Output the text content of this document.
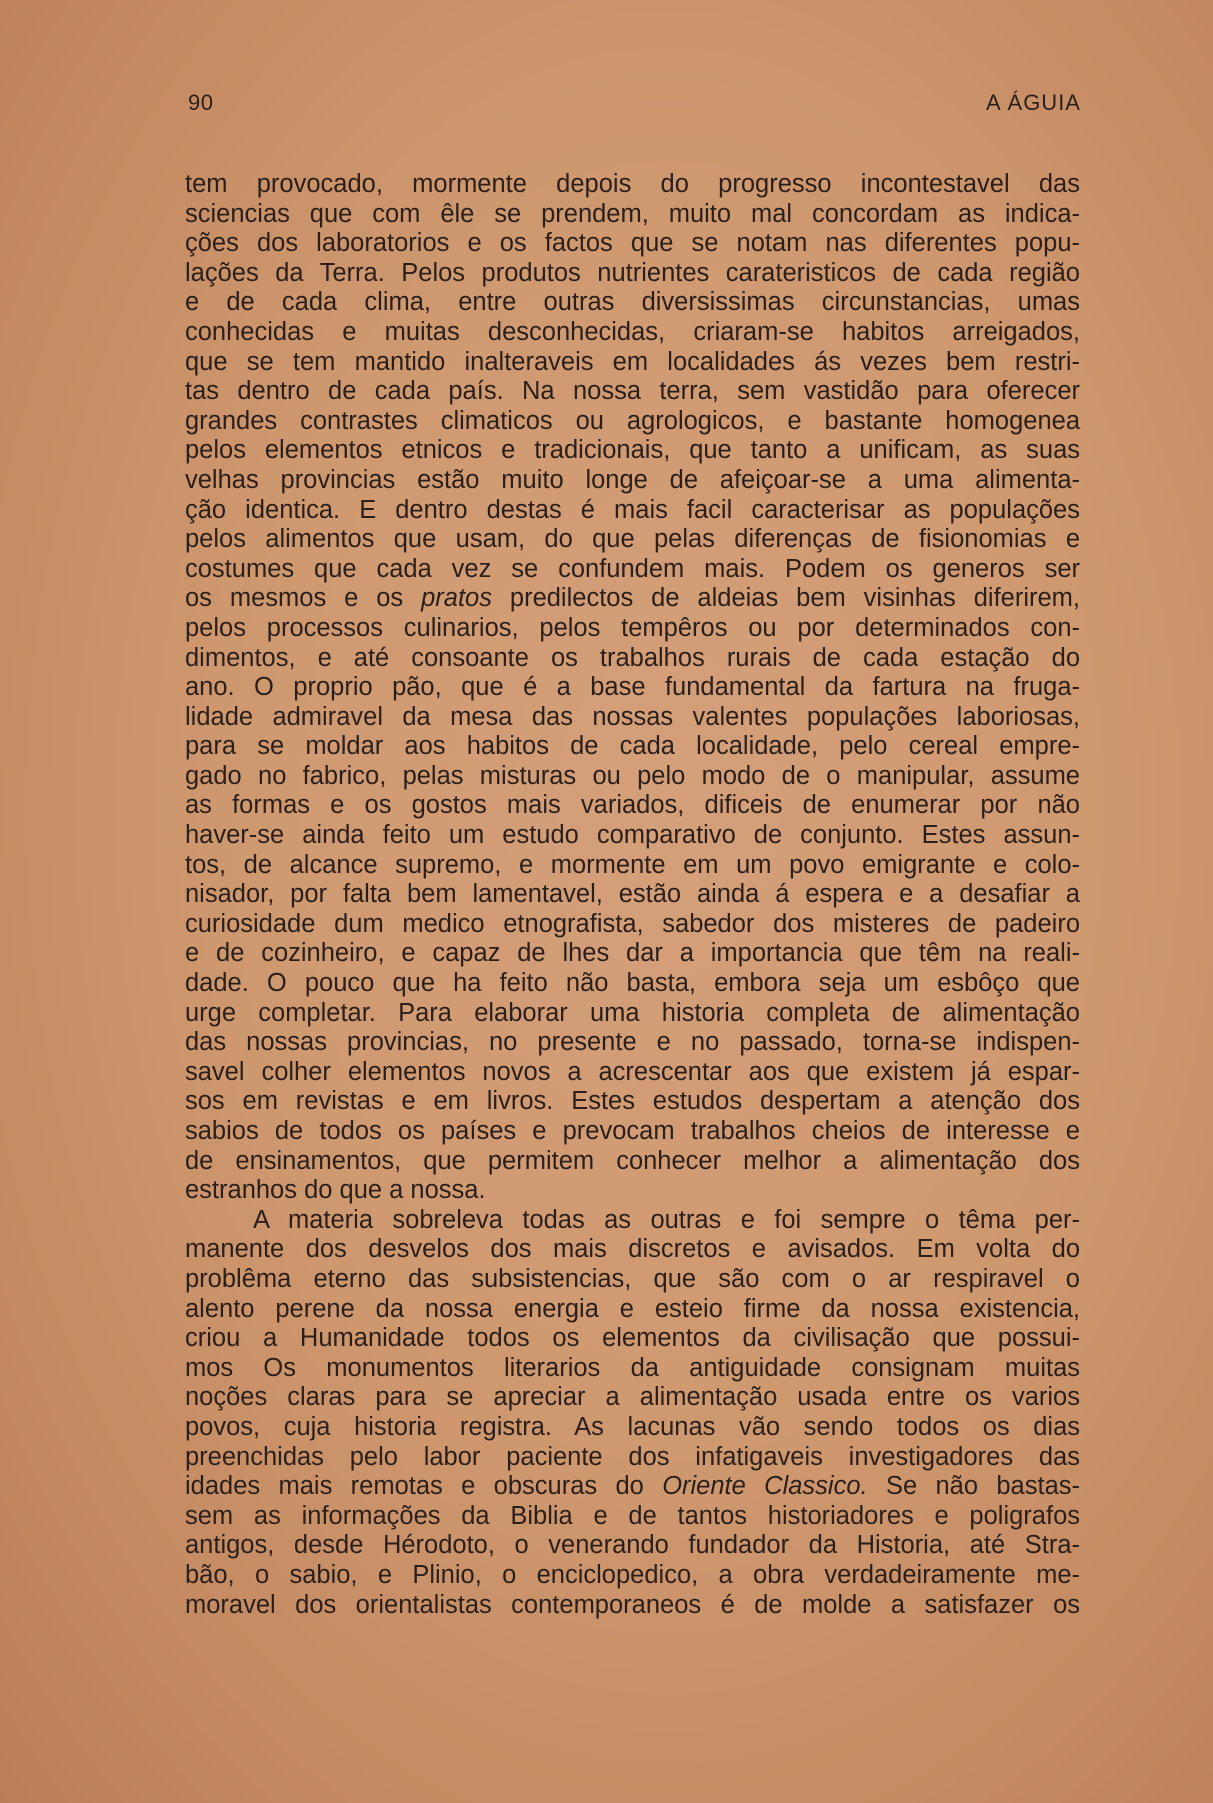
90	A ÁGUIA
tem provocado, mormente depois do progresso incontestavel das
sciencias que com êle se prendem, muito mal concordam as indica-
ções dos laboratorios e os factos que se notam nas diferentes popu-
lações da Terra. Pelos produtos nutrientes carateristicos de cada região
e de cada clima, entre outras diversissimas circunstancias, umas
conhecidas e muitas desconhecidas, criaram-se habitos arreigados,
que se tem mantido inalteraveis em localidades ás vezes bem restri-
tas dentro de cada país. Na nossa terra, sem vastidão para oferecer
grandes contrastes climaticos ou agrologicos, e bastante homogenea
pelos elementos etnicos e tradicionais, que tanto a unificam, as suas
velhas provincias estão muito longe de afeiçoar-se a uma alimenta-
ção identica. E dentro destas é mais facil caracterisar as populações
pelos alimentos que usam, do que pelas diferenças de fisionomias e
costumes que cada vez se confundem mais. Podem os generos ser
os mesmos e os pratos predilectos de aldeias bem visinhas diferirem,
pelos processos culinarios, pelos tempêros ou por determinados con-
dimentos, e até consoante os trabalhos rurais de cada estação do
ano. O proprio pão, que é a base fundamental da fartura na fruga-
lidade admiravel da mesa das nossas valentes populações laboriosas,
para se moldar aos habitos de cada localidade, pelo cereal empre-
gado no fabrico, pelas misturas ou pelo modo de o manipular, assume
as formas e os gostos mais variados, dificeis de enumerar por não
haver-se ainda feito um estudo comparativo de conjunto. Estes assun-
tos, de alcance supremo, e mormente em um povo emigrante e colo-
nisador, por falta bem lamentavel, estão ainda á espera e a desafiar a
curiosidade dum medico etnografista, sabedor dos misteres de padeiro
e de cozinheiro, e capaz de lhes dar a importancia que têm na reali-
dade. O pouco que ha feito não basta, embora seja um esbôço que
urge completar. Para elaborar uma historia completa de alimentação
das nossas provincias, no presente e no passado, torna-se indispen-
savel colher elementos novos a acrescentar aos que existem já espar-
sos em revistas e em livros. Estes estudos despertam a atenção dos
sabios de todos os países e prevocam trabalhos cheios de interesse e
de ensinamentos, que permitem conhecer melhor a alimentação dos
estranhos do que a nossa.
A materia sobreleva todas as outras e foi sempre o têma per-
manente dos desvelos dos mais discretos e avisados. Em volta do
problêma eterno das subsistencias, que são com o ar respiravel o
alento perene da nossa energia e esteio firme da nossa existencia,
criou a Humanidade todos os elementos da civilisação que possui-
mos Os monumentos literarios da antiguidade consignam muitas
noções claras para se apreciar a alimentação usada entre os varios
povos, cuja historia registra. As lacunas vão sendo todos os dias
preenchidas pelo labor paciente dos infatigaveis investigadores das
idades mais remotas e obscuras do Oriente Classico. Se não bastas-
sem as informações da Biblia e de tantos historiadores e poligrafos
antigos, desde Hérodoto, o venerando fundador da Historia, até Stra-
bão, o sabio, e Plinio, o enciclopedico, a obra verdadeiramente me-
moravel dos orientalistas contemporaneos é de molde a satisfazer os
